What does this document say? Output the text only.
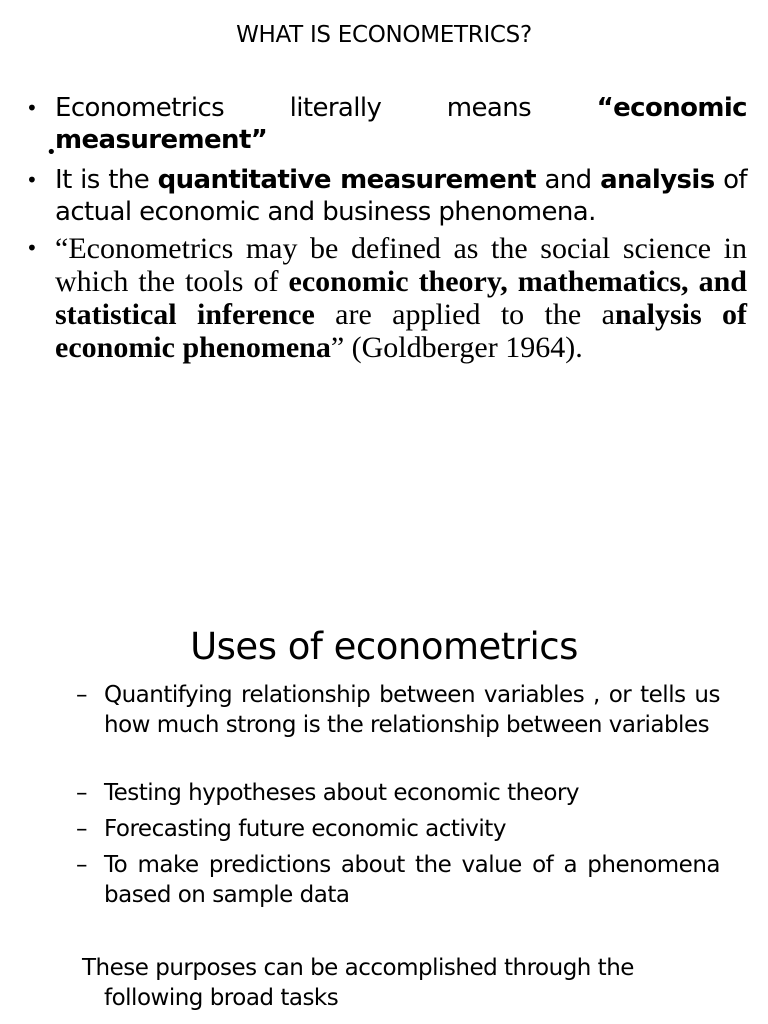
WHAT IS ECONOMETRICS?
•
•
Econometrics literally means “economic
measurement”
• It is the quantitative measurement and analysis of actual economic and business phenomena.
• “Econometrics may be defined as the social science in which the tools of economic theory, mathematics, and statistical inference are applied to the analysis of economic phenomena” (Goldberger 1964).
Uses of econometrics
– Quantifying relationship between variables , or tells us how much strong is the relationship between variables
– Testing hypotheses about economic theory
– Forecasting future economic activity
– To make predictions about the value of a phenomena based on sample data
These purposes can be accomplished through the
following broad tasks
